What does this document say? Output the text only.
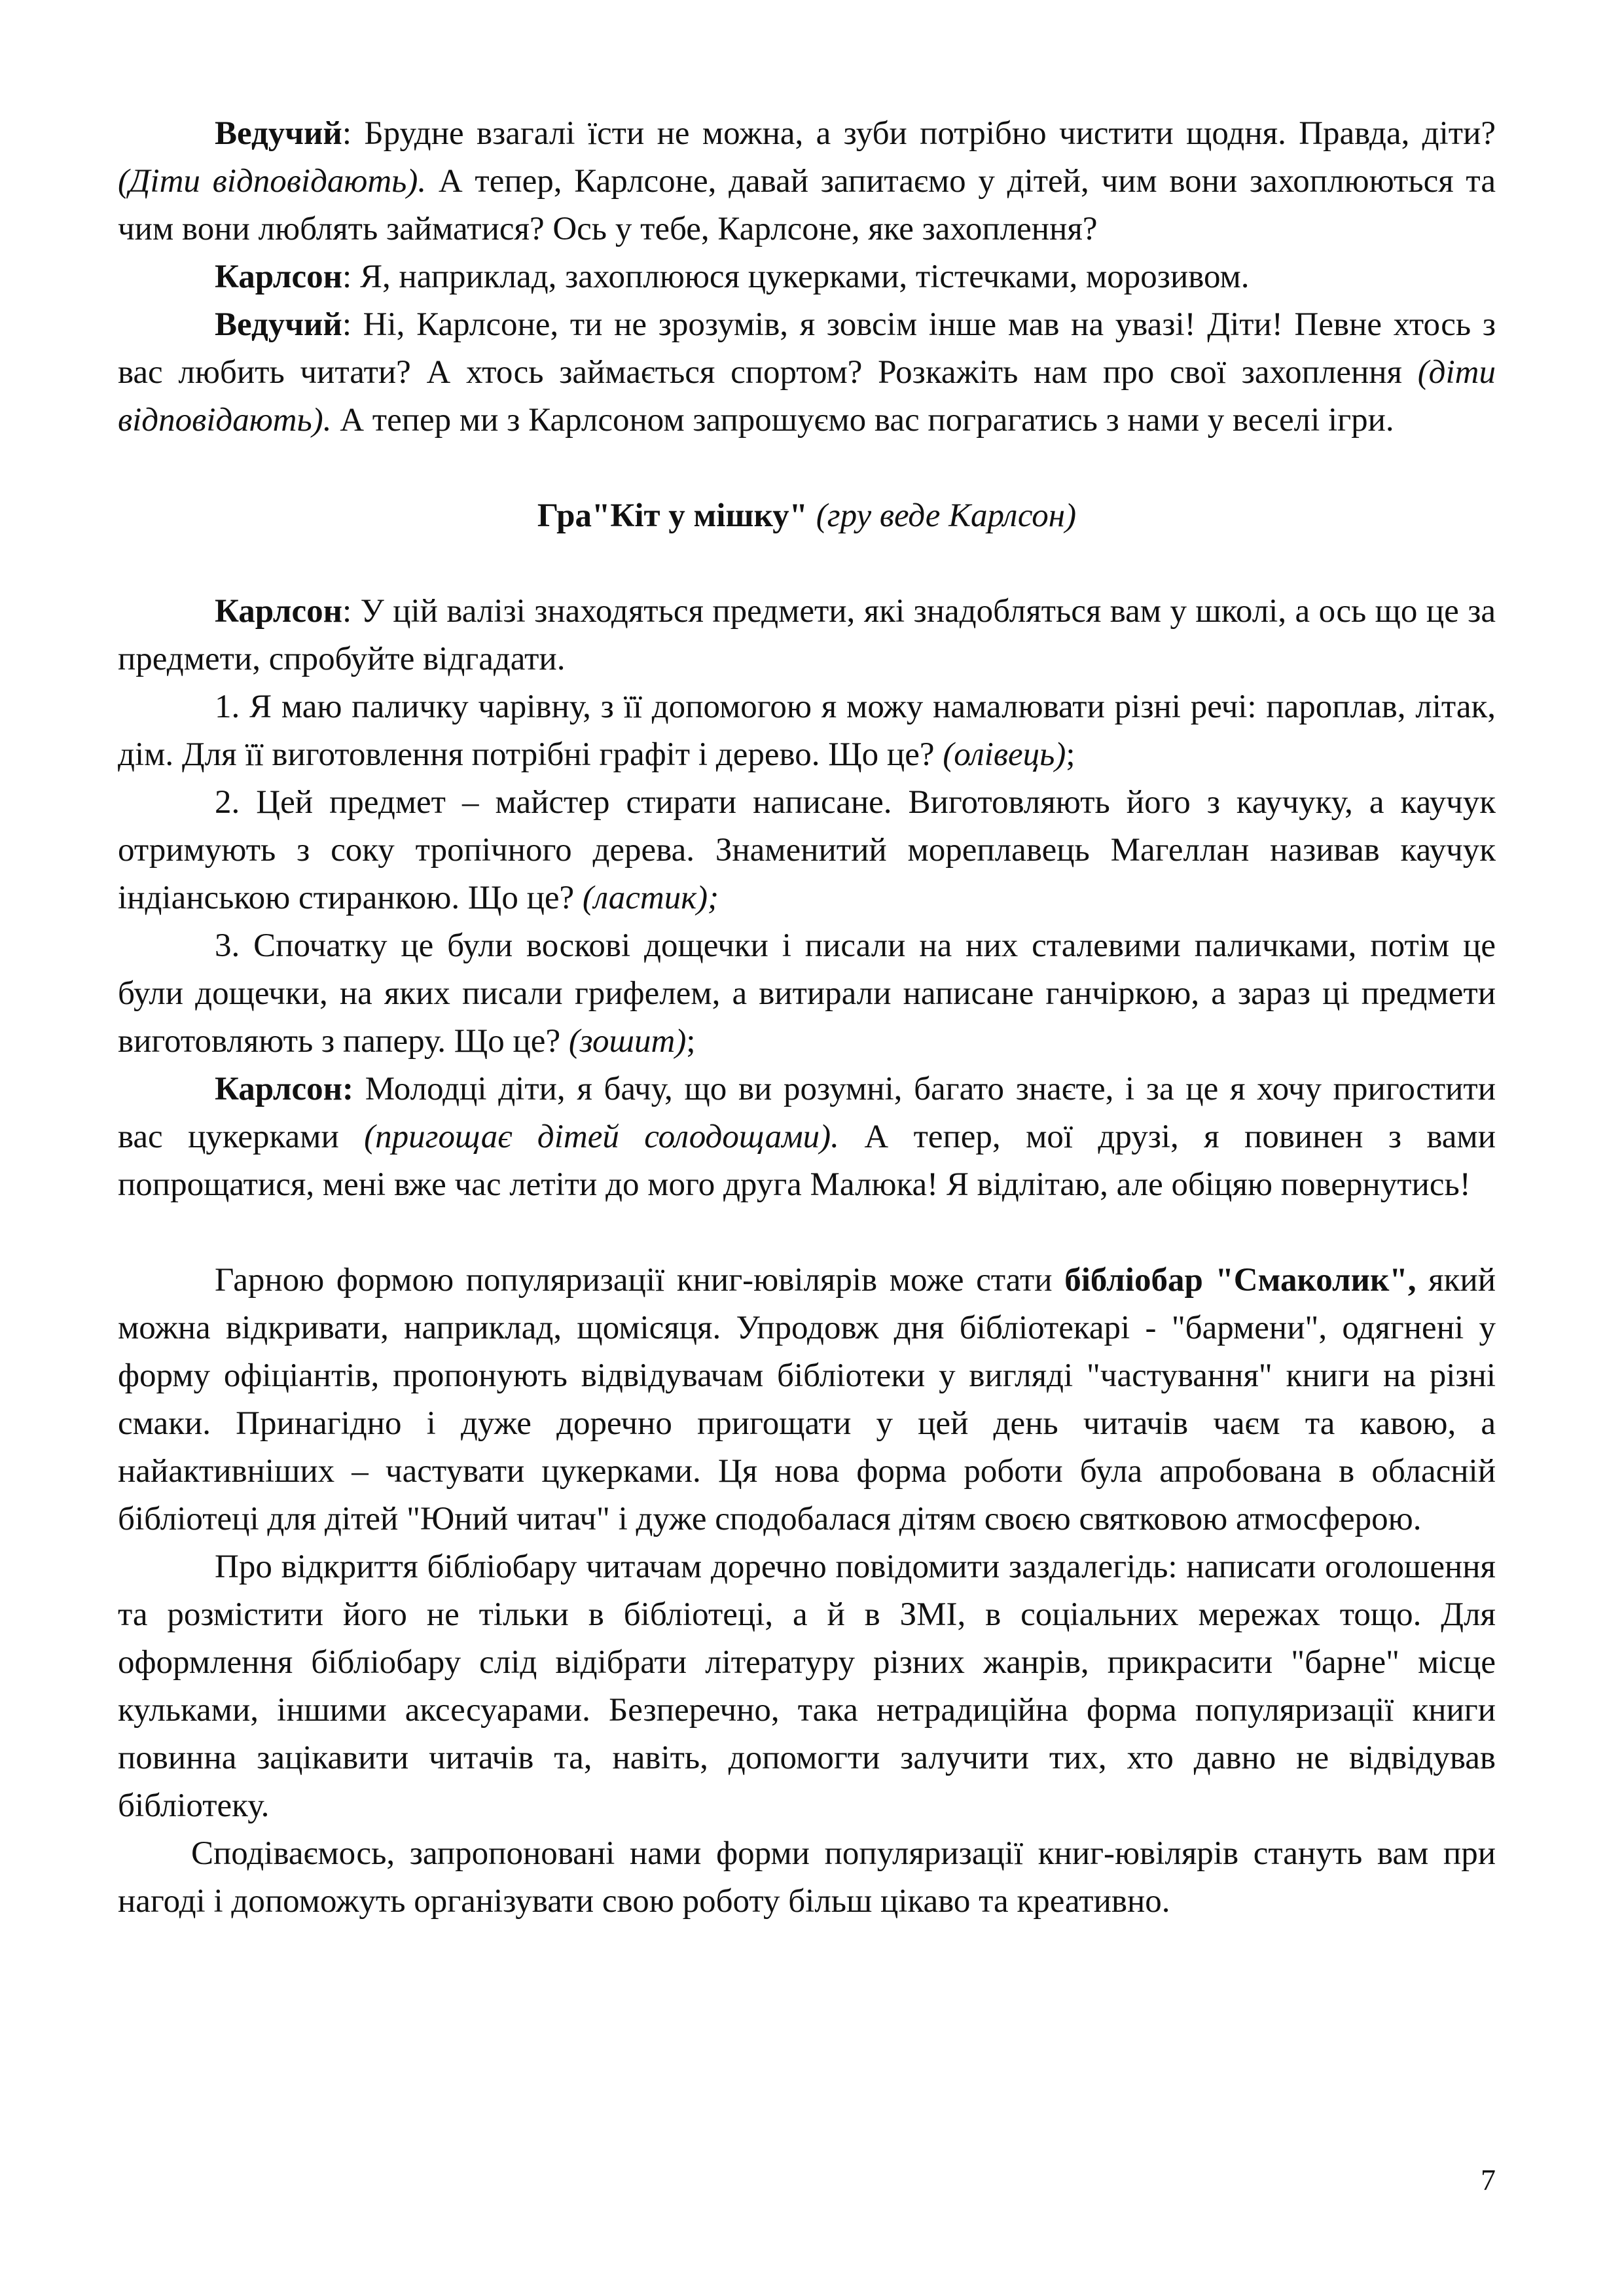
Ведучий: Брудне взагалі їсти не можна, а зуби потрібно чистити щодня. Правда, діти? (Діти відповідають). А тепер, Карлсоне, давай запитаємо у дітей, чим вони захоплюються та чим вони люблять займатися? Ось у тебе, Карлсоне, яке захоплення?

Карлсон: Я, наприклад, захоплююся цукерками, тістечками, морозивом.

Ведучий: Ні, Карлсоне, ти не зрозумів, я зовсім інше мав на увазі! Діти! Певне хтось з вас любить читати? А хтось займається спортом? Розкажіть нам про свої захоплення (діти відповідають). А тепер ми з Карлсоном запрошуємо вас пограгатись з нами у веселі ігри.

Гра"Кіт у мішку" (гру веде Карлсон)

Карлсон: У цій валізі знаходяться предмети, які знадобляться вам у школі, а ось що це за предмети, спробуйте відгадати.

1. Я маю паличку чарівну, з її допомогою я можу намалювати різні речі: пароплав, літак, дім. Для її виготовлення потрібні графіт і дерево. Що це? (олівець);

2. Цей предмет – майстер стирати написане. Виготовляють його з каучуку, а каучук отримують з соку тропічного дерева. Знаменитий мореплавець Магеллан називав каучук індіанською стиранкою. Що це? (ластик);

3. Спочатку це були воскові дощечки і писали на них сталевими паличками, потім це були дощечки, на яких писали грифелем, а витирали написане ганчіркою, а зараз ці предмети виготовляють з паперу. Що це? (зошит);

Карлсон: Молодці діти, я бачу, що ви розумні, багато знаєте, і за це я хочу пригостити вас цукерками (пригощає дітей солодощами). А тепер, мої друзі, я повинен з вами попрощатися, мені вже час летіти до мого друга Малюка! Я відлітаю, але обіцяю повернутись!

Гарною формою популяризації книг-ювілярів може стати бібліобар "Смаколик", який можна відкривати, наприклад, щомісяця. Упродовж дня бібліотекарі - "бармени", одягнені у форму офіціантів, пропонують відвідувачам бібліотеки у вигляді "частування" книги на різні смаки. Принагідно і дуже доречно пригощати у цей день читачів чаєм та кавою, а найактивніших – частувати цукерками. Ця нова форма роботи була апробована в обласній бібліотеці для дітей "Юний читач" і дуже сподобалася дітям своєю святковою атмосферою.

Про відкриття бібліобару читачам доречно повідомити заздалегідь: написати оголошення та розмістити його не тільки в бібліотеці, а й в ЗМІ, в соціальних мережах тощо. Для оформлення бібліобару слід відібрати літературу різних жанрів, прикрасити "барне" місце кульками, іншими аксесуарами. Безперечно, така нетрадиційна форма популяризації книги повинна зацікавити читачів та, навіть, допомогти залучити тих, хто давно не відвідував бібліотеку.

Сподіваємось, запропоновані нами форми популяризації книг-ювілярів стануть вам при нагоді і допоможуть організувати свою роботу більш цікаво та креативно.

7
